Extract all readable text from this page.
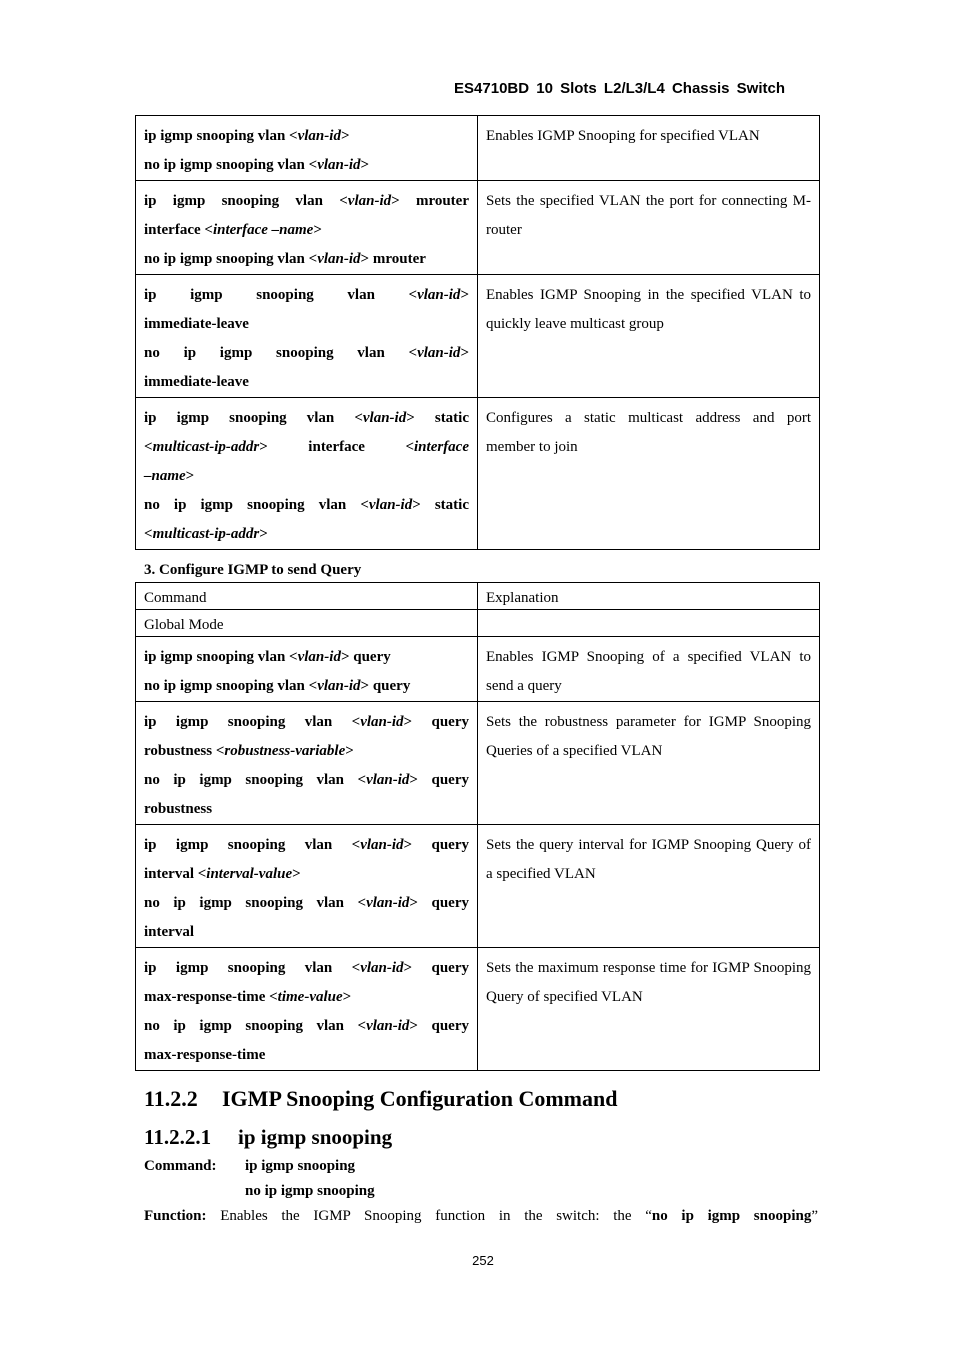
ES4710BD 10 Slots L2/L3/L4 Chassis Switch
ip igmp snooping vlan <vlan-id>
no ip igmp snooping vlan <vlan-id>	Enables IGMP Snooping for specified VLAN

ip igmp snooping vlan <vlan-id> mrouter
interface <interface –name>
no ip igmp snooping vlan <vlan-id> mrouter	Sets the specified VLAN the port for connecting M-router

ip igmp snooping vlan <vlan-id>
immediate-leave
no ip igmp snooping vlan <vlan-id>
immediate-leave	Enables IGMP Snooping in the specified VLAN to quickly leave multicast group

ip igmp snooping vlan <vlan-id> static
<multicast-ip-addr> interface <interface
–name>
no ip igmp snooping vlan <vlan-id> static
<multicast-ip-addr>	Configures a static multicast address and port member to join
3. Configure IGMP to send Query
Command	Explanation
Global Mode	

ip igmp snooping vlan <vlan-id> query
no ip igmp snooping vlan <vlan-id> query	Enables IGMP Snooping of a specified VLAN to send a query

ip igmp snooping vlan <vlan-id> query
robustness <robustness-variable>
no ip igmp snooping vlan <vlan-id> query
robustness	Sets the robustness parameter for IGMP Snooping Queries of a specified VLAN

ip igmp snooping vlan <vlan-id> query
interval <interval-value>
no ip igmp snooping vlan <vlan-id> query
interval	Sets the query interval for IGMP Snooping Query of a specified VLAN

ip igmp snooping vlan <vlan-id> query
max-response-time <time-value>
no ip igmp snooping vlan <vlan-id> query
max-response-time	Sets the maximum response time for IGMP Snooping Query of specified VLAN
11.2.2 IGMP Snooping Configuration Command
11.2.2.1 ip igmp snooping
Command: ip igmp snooping
no ip igmp snooping
Function: Enables the IGMP Snooping function in the switch: the “no ip igmp snooping”
252
